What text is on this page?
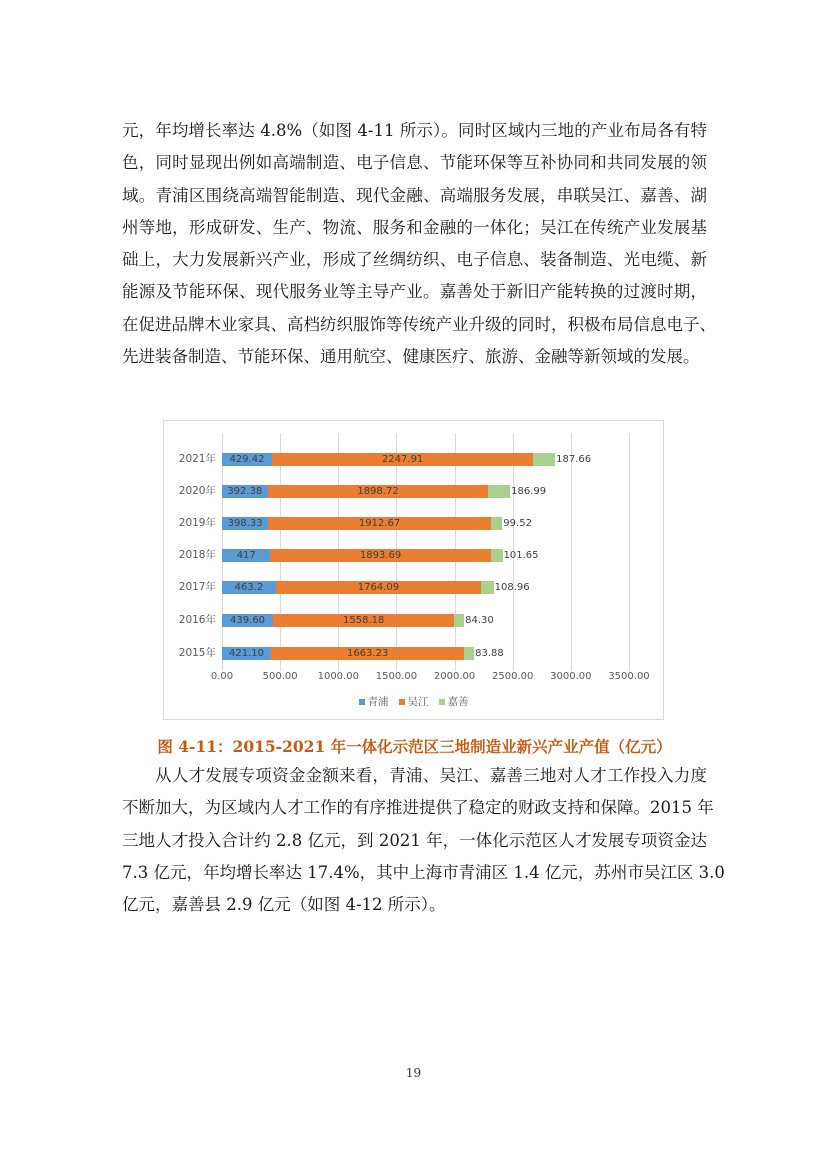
元，年均增长率达 4.8%（如图 4-11 所示）。同时区域内三地的产业布局各有特
色，同时显现出例如高端制造、电子信息、节能环保等互补协同和共同发展的领
域。青浦区围绕高端智能制造、现代金融、高端服务发展，串联吴江、嘉善、湖
州等地，形成研发、生产、物流、服务和金融的一体化；吴江在传统产业发展基
础上，大力发展新兴产业，形成了丝绸纺织、电子信息、装备制造、光电缆、新
能源及节能环保、现代服务业等主导产业。嘉善处于新旧产能转换的过渡时期，
在促进品牌木业家具、高档纺织服饰等传统产业升级的同时，积极布局信息电子、
先进装备制造、节能环保、通用航空、健康医疗、旅游、金融等新领域的发展。
2021年	429.42	2247.91	187.66
2020年	392.38	1898.72	186.99
2019年	398.33	1912.67	99.52
2018年	417	1893.69	101.65
2017年	463.2	1764.09	108.96
2016年	439.60	1558.18	84.30
2015年	421.10	1663.23	83.88
0.00	500.00	1000.00	1500.00	2000.00	2500.00	3000.00	3500.00
青浦 吴江 嘉善
图 4-11：2015-2021 年一体化示范区三地制造业新兴产业产值（亿元）
从人才发展专项资金金额来看，青浦、吴江、嘉善三地对人才工作投入力度
不断加大，为区域内人才工作的有序推进提供了稳定的财政支持和保障。2015 年
三地人才投入合计约 2.8 亿元，到 2021 年，一体化示范区人才发展专项资金达
7.3 亿元，年均增长率达 17.4%，其中上海市青浦区 1.4 亿元，苏州市吴江区 3.0
亿元，嘉善县 2.9 亿元（如图 4-12 所示）。
19
